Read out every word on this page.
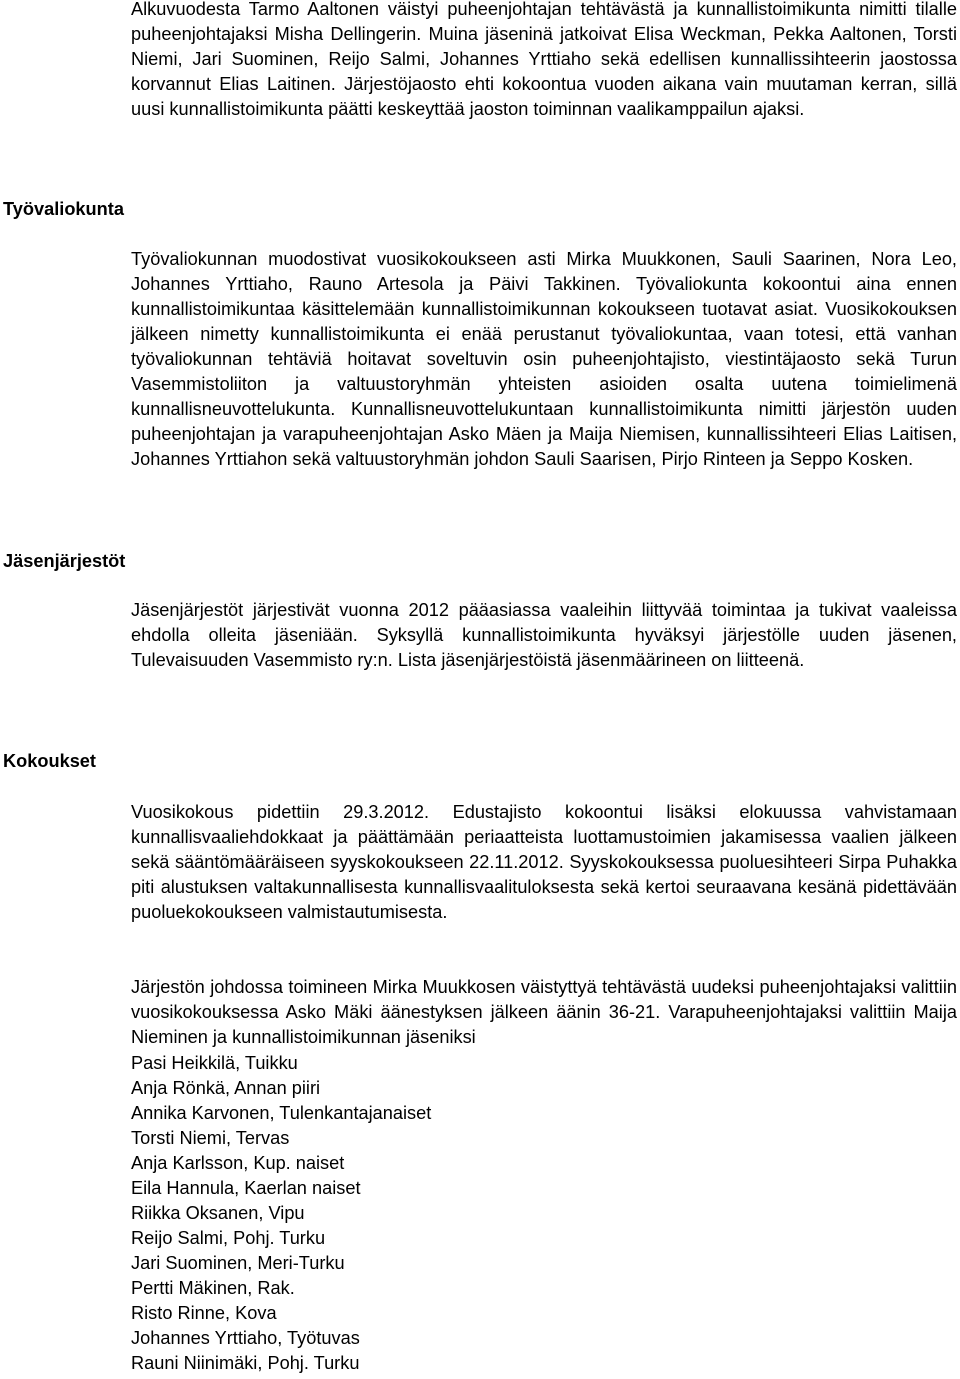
Alkuvuodesta Tarmo Aaltonen väistyi puheenjohtajan tehtävästä ja kunnallistoimikunta nimitti tilalle puheenjohtajaksi Misha Dellingerin. Muina jäseninä jatkoivat Elisa Weckman, Pekka Aaltonen, Torsti Niemi, Jari Suominen, Reijo Salmi, Johannes Yrttiaho sekä edellisen kunnallissihteerin jaostossa korvannut Elias Laitinen. Järjestöjaosto ehti kokoontua vuoden aikana vain muutaman kerran, sillä uusi kunnallistoimikunta päätti keskeyttää jaoston toiminnan vaalikamppailun ajaksi.

Työvaliokunta

Työvaliokunnan muodostivat vuosikokoukseen asti Mirka Muukkonen, Sauli Saarinen, Nora Leo, Johannes Yrttiaho, Rauno Artesola ja Päivi Takkinen. Työvaliokunta kokoontui aina ennen kunnallistoimikuntaa käsittelemään kunnallistoimikunnan kokoukseen tuotavat asiat. Vuosikokouksen jälkeen nimetty kunnallistoimikunta ei enää perustanut työvaliokuntaa, vaan totesi, että vanhan työvaliokunnan tehtäviä hoitavat soveltuvin osin puheenjohtajisto, viestintäjaosto sekä Turun Vasemmistoliiton ja valtuustoryhmän yhteisten asioiden osalta uutena toimielimenä kunnallisneuvottelukunta. Kunnallisneuvottelukuntaan kunnallistoimikunta nimitti järjestön uuden puheenjohtajan ja varapuheenjohtajan Asko Mäen ja Maija Niemisen, kunnallissihteeri Elias Laitisen, Johannes Yrttiahon sekä valtuustoryhmän johdon Sauli Saarisen, Pirjo Rinteen ja Seppo Kosken.

Jäsenjärjestöt

Jäsenjärjestöt järjestivät vuonna 2012 pääasiassa vaaleihin liittyvää toimintaa ja tukivat vaaleissa ehdolla olleita jäseniään. Syksyllä kunnallistoimikunta hyväksyi järjestölle uuden jäsenen, Tulevaisuuden Vasemmisto ry:n. Lista jäsenjärjestöistä jäsenmäärineen on liitteenä.

Kokoukset

Vuosikokous pidettiin 29.3.2012. Edustajisto kokoontui lisäksi elokuussa vahvistamaan kunnallisvaaliehdokkaat ja päättämään periaatteista luottamustoimien jakamisessa vaalien jälkeen sekä sääntömääräiseen syyskokoukseen 22.11.2012. Syyskokouksessa puoluesihteeri Sirpa Puhakka piti alustuksen valtakunnallisesta kunnallisvaalituloksesta sekä kertoi seuraavana kesänä pidettävään puoluekokoukseen valmistautumisesta.

Järjestön johdossa toimineen Mirka Muukkosen väistyttyä tehtävästä uudeksi puheenjohtajaksi valittiin vuosikokouksessa Asko Mäki äänestyksen jälkeen äänin 36-21. Varapuheenjohtajaksi valittiin Maija Nieminen ja kunnallistoimikunnan jäseniksi

Pasi Heikkilä, Tuikku
Anja Rönkä, Annan piiri
Annika Karvonen, Tulenkantajanaiset
Torsti Niemi, Tervas
Anja Karlsson, Kup. naiset
Eila Hannula, Kaerlan naiset
Riikka Oksanen, Vipu
Reijo Salmi, Pohj. Turku
Jari Suominen, Meri-Turku
Pertti Mäkinen, Rak.
Risto Rinne, Kova
Johannes Yrttiaho, Työtuvas
Rauni Niinimäki, Pohj. Turku
